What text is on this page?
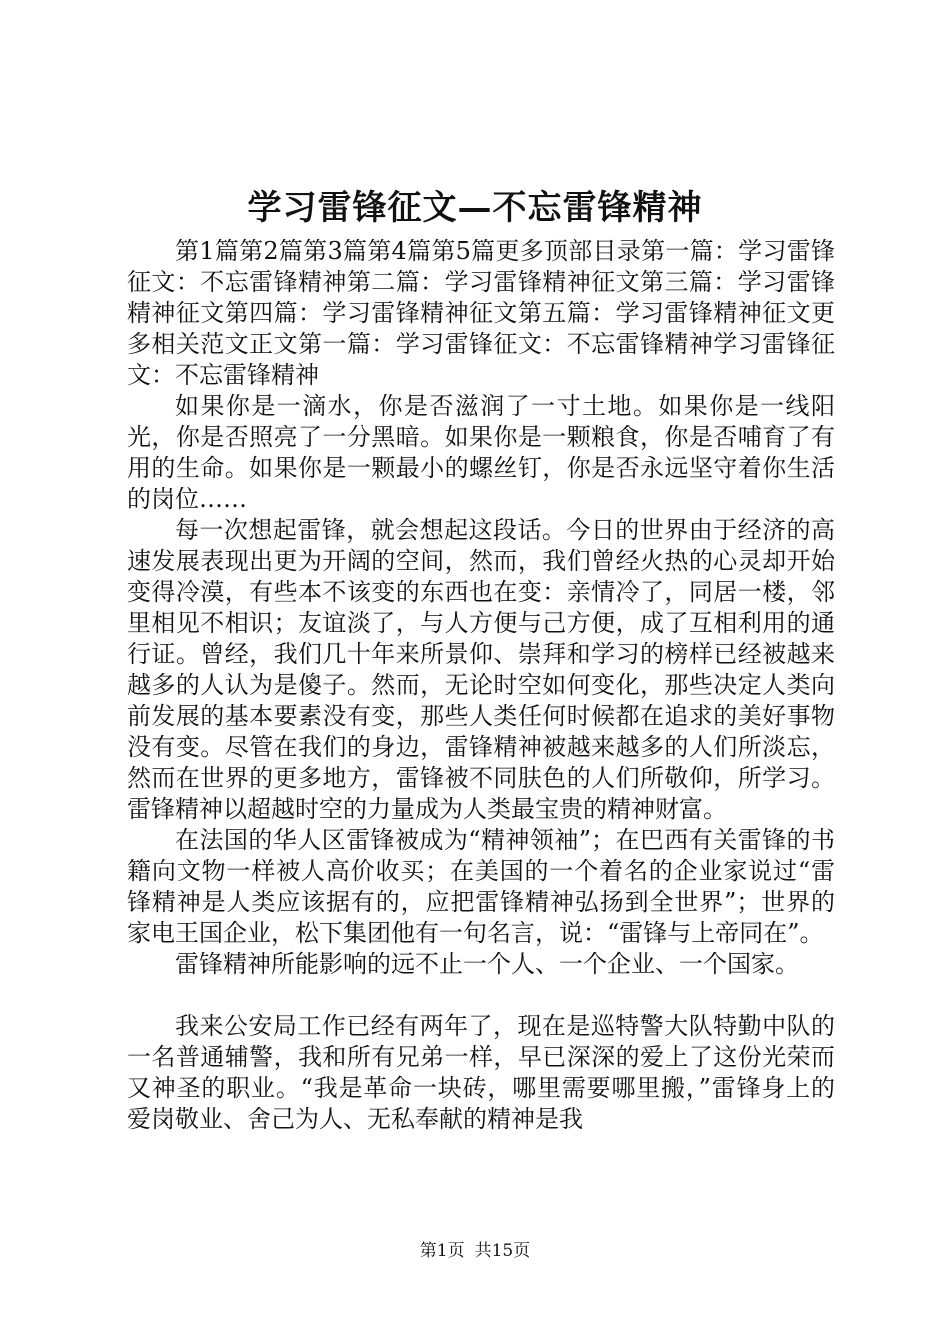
学习雷锋征文—不忘雷锋精神

第1篇第2篇第3篇第4篇第5篇更多顶部目录第一篇：学习雷锋征文：不忘雷锋精神第二篇：学习雷锋精神征文第三篇：学习雷锋精神征文第四篇：学习雷锋精神征文第五篇：学习雷锋精神征文更多相关范文正文第一篇：学习雷锋征文：不忘雷锋精神学习雷锋征文：不忘雷锋精神

如果你是一滴水，你是否滋润了一寸土地。如果你是一线阳光，你是否照亮了一分黑暗。如果你是一颗粮食，你是否哺育了有用的生命。如果你是一颗最小的螺丝钉，你是否永远坚守着你生活的岗位……

每一次想起雷锋，就会想起这段话。今日的世界由于经济的高速发展表现出更为开阔的空间，然而，我们曾经火热的心灵却开始变得冷漠，有些本不该变的东西也在变：亲情冷了，同居一楼，邻里相见不相识；友谊淡了，与人方便与己方便，成了互相利用的通行证。曾经，我们几十年来所景仰、崇拜和学习的榜样已经被越来越多的人认为是傻子。然而，无论时空如何变化，那些决定人类向前发展的基本要素没有变，那些人类任何时候都在追求的美好事物没有变。尽管在我们的身边，雷锋精神被越来越多的人们所淡忘，然而在世界的更多地方，雷锋被不同肤色的人们所敬仰，所学习。雷锋精神以超越时空的力量成为人类最宝贵的精神财富。

在法国的华人区雷锋被成为“精神领袖”；在巴西有关雷锋的书籍向文物一样被人高价收买；在美国的一个着名的企业家说过“雷锋精神是人类应该据有的，应把雷锋精神弘扬到全世界”；世界的家电王国企业，松下集团他有一句名言，说：“雷锋与上帝同在”。

雷锋精神所能影响的远不止一个人、一个企业、一个国家。

我来公安局工作已经有两年了，现在是巡特警大队特勤中队的一名普通辅警，我和所有兄弟一样，早已深深的爱上了这份光荣而又神圣的职业。“我是革命一块砖，哪里需要哪里搬，”雷锋身上的爱岗敬业、舍己为人、无私奉献的精神是我

第1页 共15页
